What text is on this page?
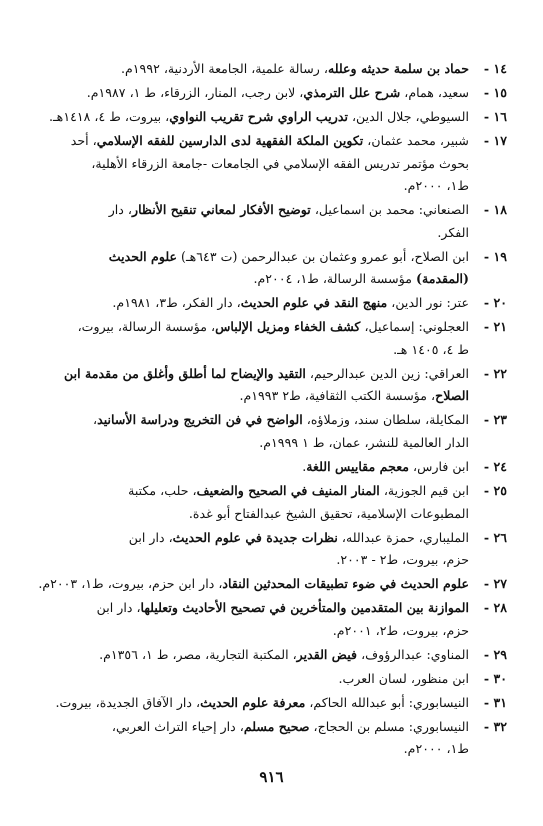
١٤ -
حماد بن سلمة حديثه وعلله، رسالة علمية، الجامعة الأردنية، ١٩٩٢م.
١٥ -
سعيد، همام، شرح علل الترمذي، لابن رجب، المنار، الزرقاء، ط ١، ١٩٨٧م.
١٦ -
السيوطي، جلال الدين، تدريب الراوي شرح تقريب النواوي، بيروت، ط ٤، ١٤١٨هـ.
١٧ -
شبير، محمد عثمان، تكوين الملكة الفقهية لدى الدارسين للفقه الإسلامي، أحد
بحوث مؤتمر تدريس الفقه الإسلامي في الجامعات -جامعة الزرقاء الأهلية،
ط١، ٢٠٠٠م.
١٨ -
الصنعاني: محمد بن اسماعيل، توضيح الأفكار لمعاني تنقيح الأنظار، دار
الفكر.
١٩ -
ابن الصلاح، أبو عمرو وعثمان بن عبدالرحمن (ت ٦٤٣هـ) علوم الحديث
(المقدمة) مؤسسة الرسالة، ط١، ٢٠٠٤م.
٢٠ -
عتر: نور الدين، منهج النقد في علوم الحديث، دار الفكر، ط٣، ١٩٨١م.
٢١ -
العجلوني: إسماعيل، كشف الخفاء ومزيل الإلباس، مؤسسة الرسالة، بيروت،
ط ٤، ١٤٠٥ هـ.
٢٢ -
العراقي: زين الدين عبدالرحيم، التقيد والإيضاح لما أطلق وأغلق من مقدمة ابن
الصلاح، مؤسسة الكتب الثقافية، ط٢ ١٩٩٣م.
٢٣ -
المكايلة، سلطان سند، وزملاؤه، الواضح في فن التخريج ودراسة الأسانيد،
الدار العالمية للنشر، عمان، ط ١ ١٩٩٩م.
٢٤ -
ابن فارس، معجم مقاييس اللغة.
٢٥ -
ابن قيم الجوزية، المنار المنيف في الصحيح والضعيف، حلب، مكتبة
المطبوعات الإسلامية، تحقيق الشيخ عبدالفتاح أبو غدة.
٢٦ -
المليباري، حمزة عبدالله، نظرات جديدة في علوم الحديث، دار ابن
حزم، بيروت، ط٢ - ٢٠٠٣.
٢٧ -
علوم الحديث في ضوء تطبيقات المحدثين النقاد، دار ابن حزم، بيروت، ط١، ٢٠٠٣م.
٢٨ -
الموازنة بين المتقدمين والمتأخرين في تصحيح الأحاديث وتعليلها، دار ابن
حزم، بيروت، ط٢، ٢٠٠١م.
٢٩ -
المناوي: عبدالرؤوف، فيض القدير، المكتبة التجارية، مصر، ط ١، ١٣٥٦م.
٣٠ -
ابن منظور، لسان العرب.
٣١ -
النيسابوري: أبو عبدالله الحاكم، معرفة علوم الحديث، دار الآفاق الجديدة، بيروت.
٣٢ -
النيسابوري: مسلم بن الحجاج، صحيح مسلم، دار إحياء التراث العربي،
ط١، ٢٠٠٠م.
٩١٦
